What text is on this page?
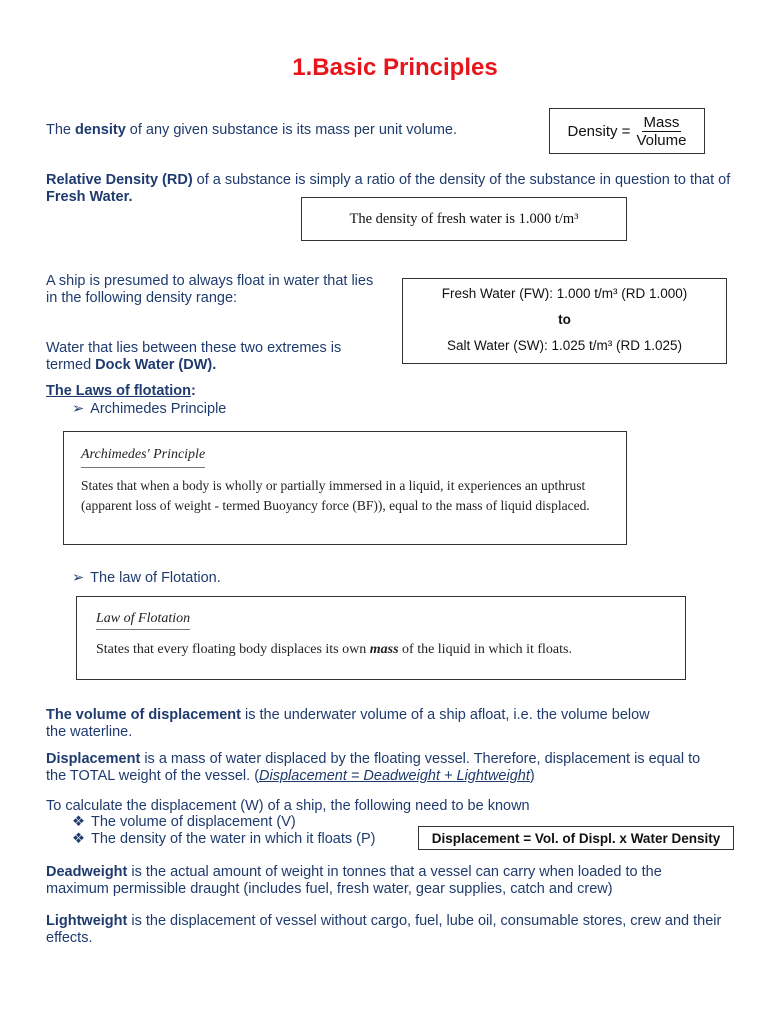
1.Basic Principles
The density of any given substance is its mass per unit volume.	Density = $\frac{\text{Mass}}{\text{Volume}}$
Relative Density (RD) of a substance is simply a ratio of the density of the substance in question to that of Fresh Water.
The density of fresh water is 1.000 t/m³
A ship is presumed to always float in water that lies in the following density range:
Water that lies between these two extremes is termed Dock Water (DW).
Fresh Water (FW): 1.000 t/m³ (RD 1.000)
to
Salt Water (SW): 1.025 t/m³ (RD 1.025)
The Laws of flotation:
➢ Archimedes Principle
Archimedes' Principle
States that when a body is wholly or partially immersed in a liquid, it experiences an upthrust (apparent loss of weight - termed Buoyancy force (BF)), equal to the mass of liquid displaced.
➢ The law of Flotation.
Law of Flotation
States that every floating body displaces its own mass of the liquid in which it floats.
The volume of displacement is the underwater volume of a ship afloat, i.e. the volume below the waterline.
Displacement is a mass of water displaced by the floating vessel. Therefore, displacement is equal to the TOTAL weight of the vessel. (Displacement = Deadweight + Lightweight)
To calculate the displacement (W) of a ship, the following need to be known
❖ The volume of displacement (V)
❖ The density of the water in which it floats (P)	Displacement = Vol. of Displ. x Water Density
Deadweight is the actual amount of weight in tonnes that a vessel can carry when loaded to the maximum permissible draught (includes fuel, fresh water, gear supplies, catch and crew)
Lightweight is the displacement of vessel without cargo, fuel, lube oil, consumable stores, crew and their effects.
